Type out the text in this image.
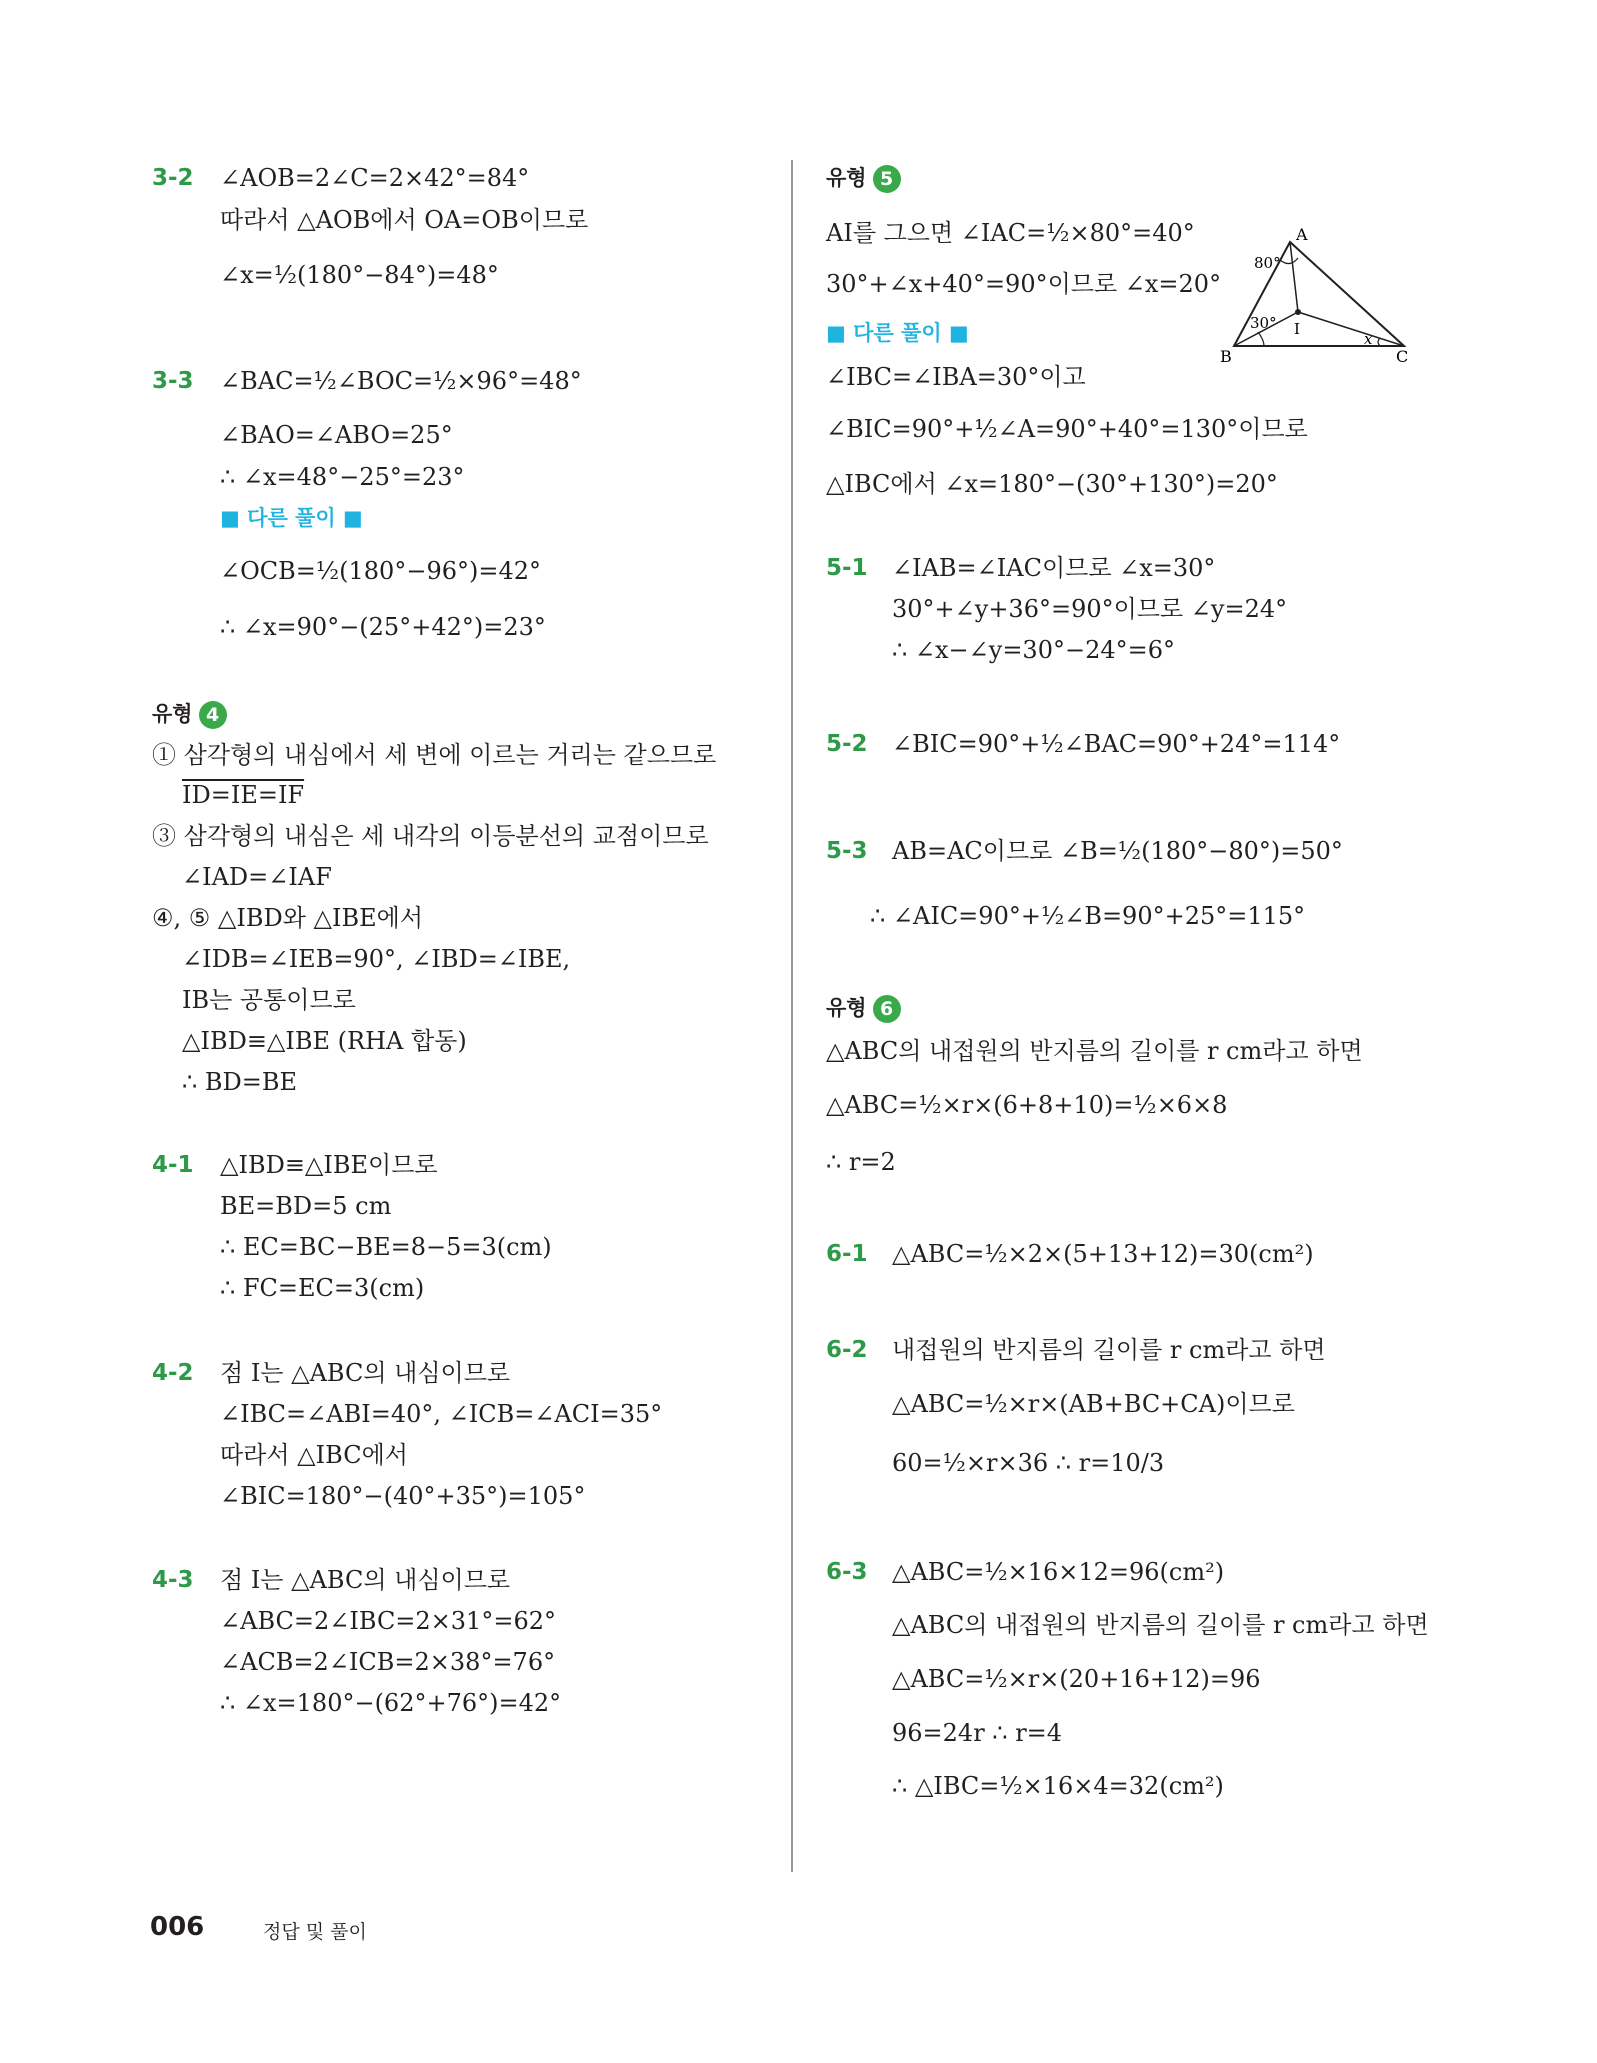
3-2 ∠AOB=2∠C=2×42°=84°
따라서 △AOB에서 OA=OB이므로
∠x=½(180°−84°)=48°
3-3 ∠BAC=½∠BOC=½×96°=48°
∠BAO=∠ABO=25°
∴ ∠x=48°−25°=23°
■ 다른 풀이 ■
∠OCB=½(180°−96°)=42°
∴ ∠x=90°−(25°+42°)=23°
유형 4
① 삼각형의 내심에서 세 변에 이르는 거리는 같으므로
ID=IE=IF
③ 삼각형의 내심은 세 내각의 이등분선의 교점이므로
∠IAD=∠IAF
④, ⑤ △IBD와 △IBE에서
∠IDB=∠IEB=90°, ∠IBD=∠IBE,
IB는 공통이므로
△IBD≡△IBE (RHA 합동)
∴ BD=BE
4-1 △IBD≡△IBE이므로
BE=BD=5 cm
∴ EC=BC−BE=8−5=3(cm)
∴ FC=EC=3(cm)
4-2 점 I는 △ABC의 내심이므로
∠IBC=∠ABI=40°, ∠ICB=∠ACI=35°
따라서 △IBC에서
∠BIC=180°−(40°+35°)=105°
4-3 점 I는 △ABC의 내심이므로
∠ABC=2∠IBC=2×31°=62°
∠ACB=2∠ICB=2×38°=76°
∴ ∠x=180°−(62°+76°)=42°
유형 5
AI를 그으면 ∠IAC=½×80°=40°
30°+∠x+40°=90°이므로 ∠x=20°
■ 다른 풀이 ■
∠IBC=∠IBA=30°이고
∠BIC=90°+½∠A=90°+40°=130°이므로
△IBC에서 ∠x=180°−(30°+130°)=20°
A
B	C
I
80°
30°
x
5-1 ∠IAB=∠IAC이므로 ∠x=30°
30°+∠y+36°=90°이므로 ∠y=24°
∴ ∠x−∠y=30°−24°=6°
5-2 ∠BIC=90°+½∠BAC=90°+24°=114°
5-3 AB=AC이므로 ∠B=½(180°−80°)=50°
∴ ∠AIC=90°+½∠B=90°+25°=115°
유형 6
△ABC의 내접원의 반지름의 길이를 r cm라고 하면
△ABC=½×r×(6+8+10)=½×6×8
∴ r=2
6-1 △ABC=½×2×(5+13+12)=30(cm²)
6-2 내접원의 반지름의 길이를 r cm라고 하면
△ABC=½×r×(AB+BC+CA)이므로
60=½×r×36 ∴ r=10/3
6-3 △ABC=½×16×12=96(cm²)
△ABC의 내접원의 반지름의 길이를 r cm라고 하면
△ABC=½×r×(20+16+12)=96
96=24r ∴ r=4
∴ △IBC=½×16×4=32(cm²)
006	정답 및 풀이
